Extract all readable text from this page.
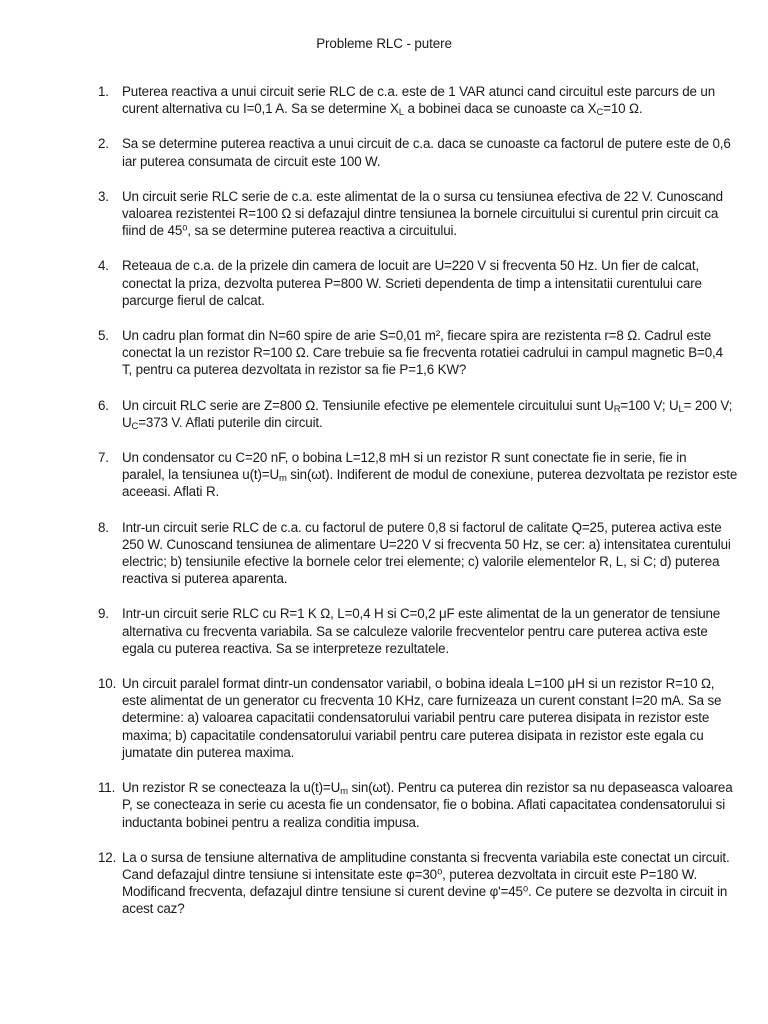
Probleme RLC - putere
1. Puterea reactiva a unui circuit serie RLC de c.a. este de 1 VAR atunci cand circuitul este parcurs de un
curent alternativa cu I=0,1 A. Sa se determine $X_L$ a bobinei daca se cunoaste ca $X_C=10$ Ω.
2. Sa se determine puterea reactiva a unui circuit de c.a. daca se cunoaste ca factorul de putere este de 0,6
iar puterea consumata de circuit este 100 W.
3. Un circuit serie RLC serie de c.a. este alimentat de la o sursa cu tensiunea efectiva de 22 V. Cunoscand
valoarea rezistentei R=100 Ω si defazajul dintre tensiunea la bornele circuitului si curentul prin circuit ca
fiind de 45⁰, sa se determine puterea reactiva a circuitului.
4. Reteaua de c.a. de la prizele din camera de locuit are U=220 V si frecventa 50 Hz. Un fier de calcat,
conectat la priza, dezvolta puterea P=800 W. Scrieti dependenta de timp a intensitatii curentului care
parcurge fierul de calcat.
5. Un cadru plan format din N=60 spire de arie S=0,01 m², fiecare spira are rezistenta r=8 Ω. Cadrul este
conectat la un rezistor R=100 Ω. Care trebuie sa fie frecventa rotatiei cadrului in campul magnetic B=0,4
T, pentru ca puterea dezvoltata in rezistor sa fie P=1,6 KW?
6. Un circuit RLC serie are Z=800 Ω. Tensiunile efective pe elementele circuitului sunt $U_R=100$ V; $U_L= 200$ V;
$U_C=373$ V. Aflati puterile din circuit.
7. Un condensator cu C=20 nF, o bobina L=12,8 mH si un rezistor R sunt conectate fie in serie, fie in
paralel, la tensiunea $u(t)=U_m$ sin(ωt). Indiferent de modul de conexiune, puterea dezvoltata pe rezistor este
aceeasi. Aflati R.
8. Intr-un circuit serie RLC de c.a. cu factorul de putere 0,8 si factorul de calitate Q=25, puterea activa este
250 W. Cunoscand tensiunea de alimentare U=220 V si frecventa 50 Hz, se cer: a) intensitatea curentului
electric; b) tensiunile efective la bornele celor trei elemente; c) valorile elementelor R, L, si C; d) puterea
reactiva si puterea aparenta.
9. Intr-un circuit serie RLC cu R=1 K Ω, L=0,4 H si C=0,2 μF este alimentat de la un generator de tensiune
alternativa cu frecventa variabila. Sa se calculeze valorile frecventelor pentru care puterea activa este
egala cu puterea reactiva. Sa se interpreteze rezultatele.
10. Un circuit paralel format dintr-un condensator variabil, o bobina ideala L=100 μH si un rezistor R=10 Ω,
este alimentat de un generator cu frecventa 10 KHz, care furnizeaza un curent constant I=20 mA. Sa se
determine: a) valoarea capacitatii condensatorului variabil pentru care puterea disipata in rezistor este
maxima; b) capacitatile condensatorului variabil pentru care puterea disipata in rezistor este egala cu
jumatate din puterea maxima.
11. Un rezistor R se conecteaza la $u(t)=U_m$ sin(ωt). Pentru ca puterea din rezistor sa nu depaseasca valoarea
P, se conecteaza in serie cu acesta fie un condensator, fie o bobina. Aflati capacitatea condensatorului si
inductanta bobinei pentru a realiza conditia impusa.
12. La o sursa de tensiune alternativa de amplitudine constanta si frecventa variabila este conectat un circuit.
Cand defazajul dintre tensiune si intensitate este φ=30⁰, puterea dezvoltata in circuit este P=180 W.
Modificand frecventa, defazajul dintre tensiune si curent devine φ'=45⁰. Ce putere se dezvolta in circuit in
acest caz?
